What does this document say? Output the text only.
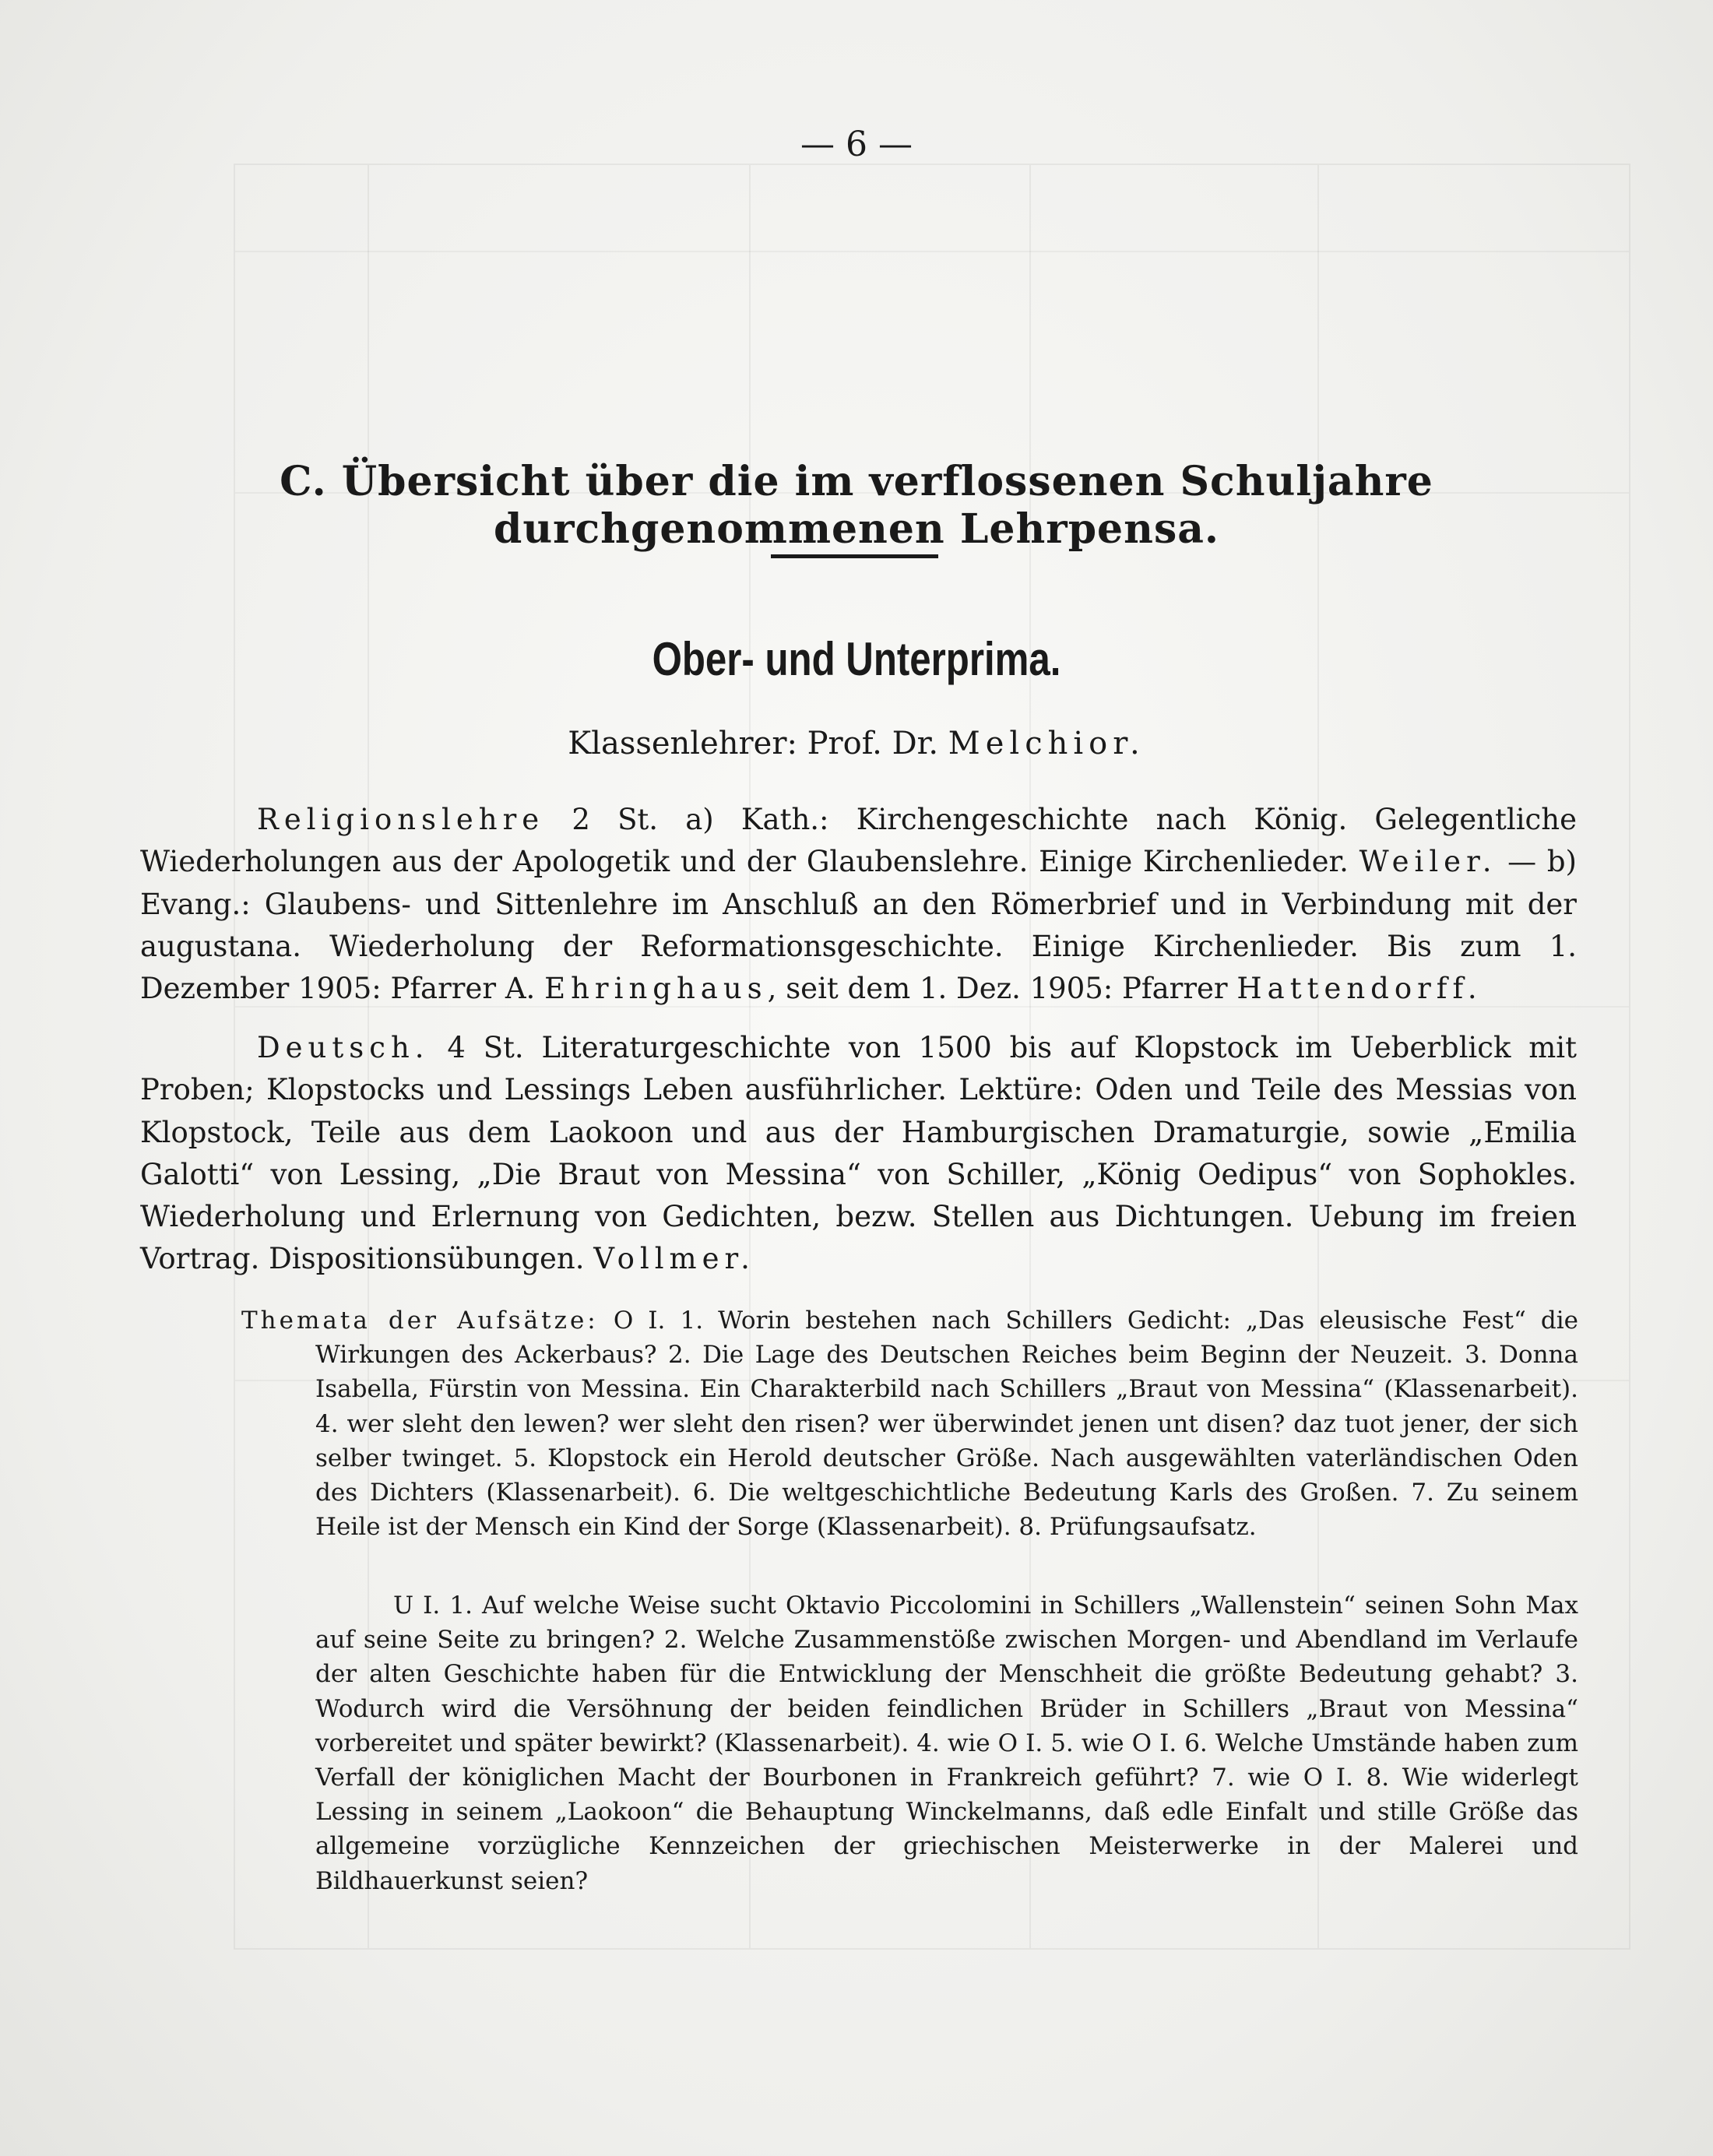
— 6 —
C. Übersicht über die im verflossenen Schuljahre durchgenommenen Lehrpensa.
Ober- und Unterprima.
Klassenlehrer: Prof. Dr. Melchior.

Religionslehre 2 St. a) Kath.: Kirchengeschichte nach König. Gelegentliche Wiederholungen aus der Apologetik und der Glaubenslehre. Einige Kirchenlieder. Weiler. — b) Evang.: Glaubens- und Sittenlehre im Anschluß an den Römerbrief und in Verbindung mit der augustana. Wiederholung der Reformationsgeschichte. Einige Kirchenlieder. Bis zum 1. Dezember 1905: Pfarrer A. Ehringhaus, seit dem 1. Dez. 1905: Pfarrer Hattendorff.

Deutsch. 4 St. Literaturgeschichte von 1500 bis auf Klopstock im Ueberblick mit Proben; Klopstocks und Lessings Leben ausführlicher. Lektüre: Oden und Teile des Messias von Klopstock, Teile aus dem Laokoon und aus der Hamburgischen Dramaturgie, sowie „Emilia Galotti“ von Lessing, „Die Braut von Messina“ von Schiller, „König Oedipus“ von Sophokles. Wiederholung und Erlernung von Gedichten, bezw. Stellen aus Dichtungen. Uebung im freien Vortrag. Dispositionsübungen. Vollmer.

Themata der Aufsätze: O I. 1. Worin bestehen nach Schillers Gedicht: „Das eleusische Fest“ die Wirkungen des Ackerbaus? 2. Die Lage des Deutschen Reiches beim Beginn der Neuzeit. 3. Donna Isabella, Fürstin von Messina. Ein Charakterbild nach Schillers „Braut von Messina“ (Klassenarbeit). 4. wer sleht den lewen? wer sleht den risen? wer überwindet jenen unt disen? daz tuot jener, der sich selber twinget. 5. Klopstock ein Herold deutscher Größe. Nach ausgewählten vaterländischen Oden des Dichters (Klassenarbeit). 6. Die weltgeschichtliche Bedeutung Karls des Großen. 7. Zu seinem Heile ist der Mensch ein Kind der Sorge (Klassenarbeit). 8. Prüfungsaufsatz.

U I. 1. Auf welche Weise sucht Oktavio Piccolomini in Schillers „Wallenstein“ seinen Sohn Max auf seine Seite zu bringen? 2. Welche Zusammenstöße zwischen Morgen- und Abendland im Verlaufe der alten Geschichte haben für die Entwicklung der Menschheit die größte Bedeutung gehabt? 3. Wodurch wird die Versöhnung der beiden feindlichen Brüder in Schillers „Braut von Messina“ vorbereitet und später bewirkt? (Klassenarbeit). 4. wie O I. 5. wie O I. 6. Welche Umstände haben zum Verfall der königlichen Macht der Bourbonen in Frankreich geführt? 7. wie O I. 8. Wie widerlegt Lessing in seinem „Laokoon“ die Behauptung Winckelmanns, daß edle Einfalt und stille Größe das allgemeine vorzügliche Kennzeichen der griechischen Meisterwerke in der Malerei und Bildhauerkunst seien?
